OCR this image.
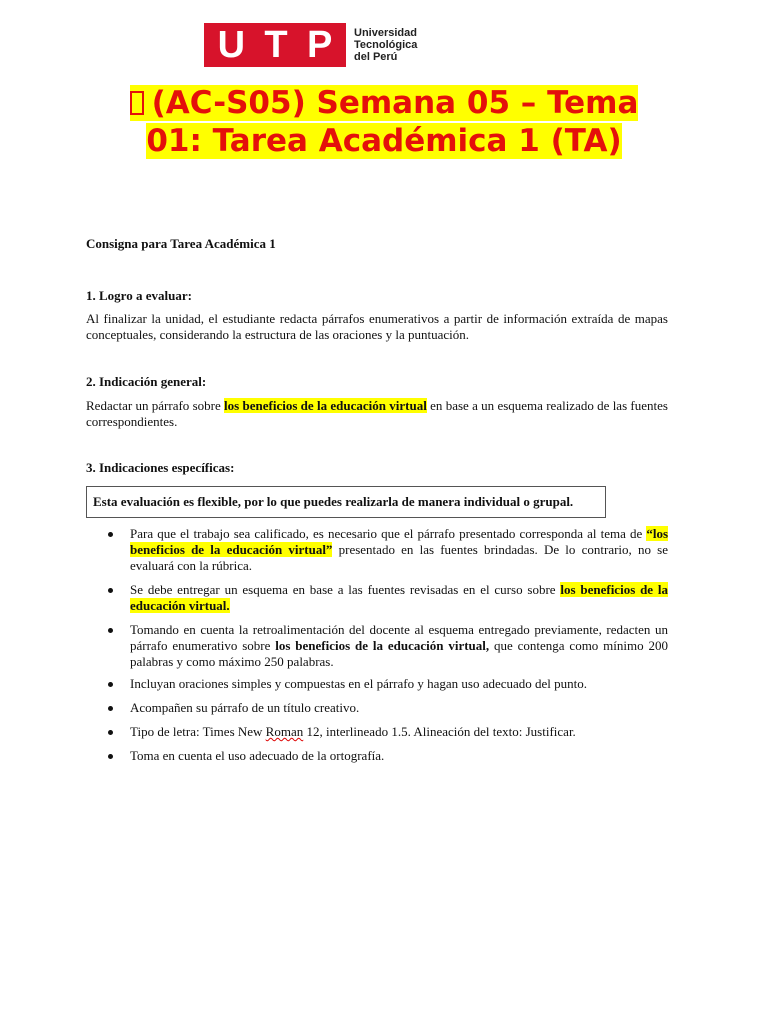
U T P Universidad
Tecnológica
del Perú
(AC-S05) Semana 05 – Tema
01: Tarea Académica 1 (TA)
Consigna para Tarea Académica 1
1. Logro a evaluar:

Al finalizar la unidad, el estudiante redacta párrafos enumerativos a partir de información extraída de mapas conceptuales, considerando la estructura de las oraciones y la puntuación.

2. Indicación general:

Redactar un párrafo sobre los beneficios de la educación virtual en base a un esquema realizado de las fuentes correspondientes.

3. Indicaciones específicas:
Esta evaluación es flexible, por lo que puedes realizarla de manera individual o grupal.
Para que el trabajo sea calificado, es necesario que el párrafo presentado corresponda al tema de “los beneficios de la educación virtual” presentado en las fuentes brindadas. De lo contrario, no se evaluará con la rúbrica.
Se debe entregar un esquema en base a las fuentes revisadas en el curso sobre los beneficios de la educación virtual.
Tomando en cuenta la retroalimentación del docente al esquema entregado previamente, redacten un párrafo enumerativo sobre los beneficios de la educación virtual, que contenga como mínimo 200 palabras y como máximo 250 palabras.
Incluyan oraciones simples y compuestas en el párrafo y hagan uso adecuado del punto.
Acompañen su párrafo de un título creativo.
Tipo de letra: Times New Roman 12, interlineado 1.5. Alineación del texto: Justificar.
Toma en cuenta el uso adecuado de la ortografía.
